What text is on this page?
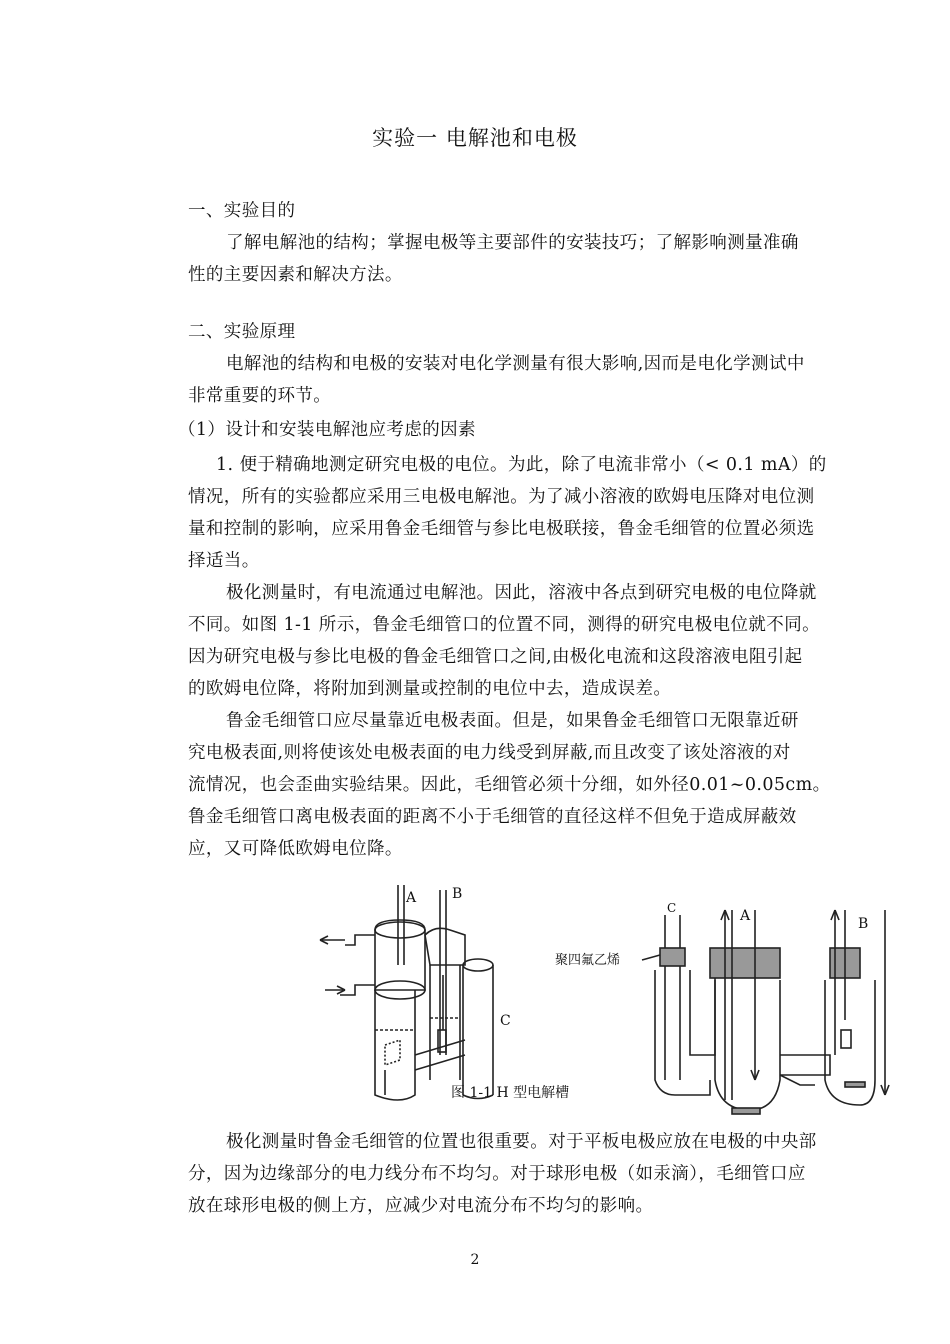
实验一 电解池和电极
一、实验目的
了解电解池的结构；掌握电极等主要部件的安装技巧；了解影响测量准确
性的主要因素和解决方法。
二、实验原理
电解池的结构和电极的安装对电化学测量有很大影响,因而是电化学测试中
非常重要的环节。
（1）设计和安装电解池应考虑的因素
1. 便于精确地测定研究电极的电位。为此，除了电流非常小（< 0.1 mA）的
情况，所有的实验都应采用三电极电解池。为了减小溶液的欧姆电压降对电位测
量和控制的影响，应采用鲁金毛细管与参比电极联接，鲁金毛细管的位置必须选
择适当。
极化测量时，有电流通过电解池。因此，溶液中各点到研究电极的电位降就
不同。如图 1-1 所示，鲁金毛细管口的位置不同，测得的研究电极电位就不同。
因为研究电极与参比电极的鲁金毛细管口之间,由极化电流和这段溶液电阻引起
的欧姆电位降，将附加到测量或控制的电位中去，造成误差。
鲁金毛细管口应尽量靠近电极表面。但是，如果鲁金毛细管口无限靠近研
究电极表面,则将使该处电极表面的电力线受到屏蔽,而且改变了该处溶液的对
流情况，也会歪曲实验结果。因此，毛细管必须十分细，如外径0.01~0.05cm。
鲁金毛细管口离电极表面的距离不小于毛细管的直径这样不但免于造成屏蔽效
应，又可降低欧姆电位降。
A	B
C
聚四氟乙烯
C	A	B
图 1-1 H 型电解槽
极化测量时鲁金毛细管的位置也很重要。对于平板电极应放在电极的中央部
分，因为边缘部分的电力线分布不均匀。对于球形电极（如汞滴），毛细管口应
放在球形电极的侧上方，应减少对电流分布不均匀的影响。
2
